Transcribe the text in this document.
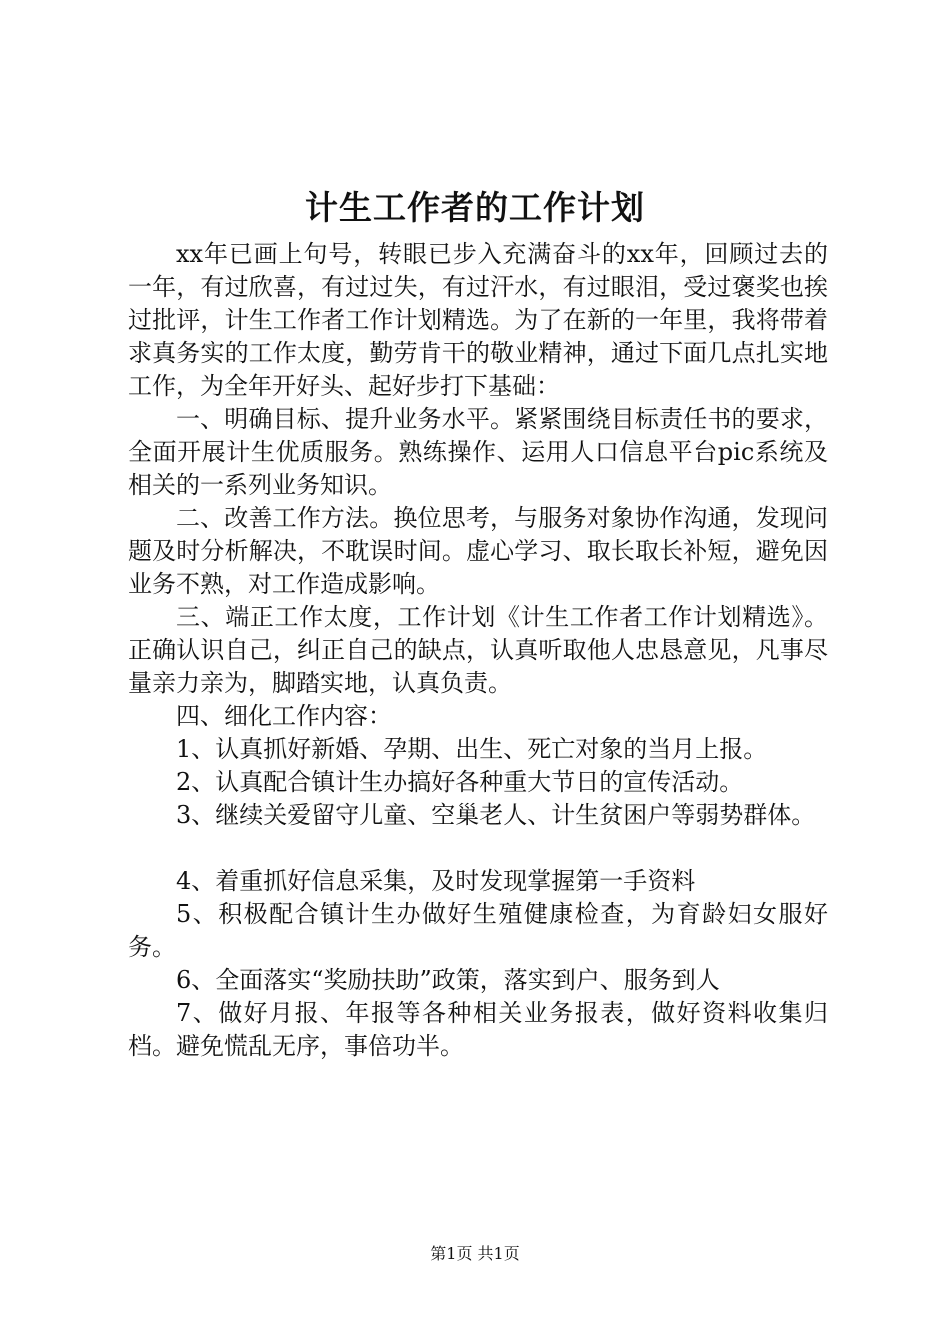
计生工作者的工作计划

xx年已画上句号，转眼已步入充满奋斗的xx年，回顾过去的一年，有过欣喜，有过过失，有过汗水，有过眼泪，受过褒奖也挨过批评，计生工作者工作计划精选。为了在新的一年里，我将带着求真务实的工作太度，勤劳肯干的敬业精神，通过下面几点扎实地工作，为全年开好头、起好步打下基础：

一、明确目标、提升业务水平。紧紧围绕目标责任书的要求，全面开展计生优质服务。熟练操作、运用人口信息平台pic系统及相关的一系列业务知识。

二、改善工作方法。换位思考，与服务对象协作沟通，发现问题及时分析解决，不耽误时间。虚心学习、取长取长补短，避免因业务不熟，对工作造成影响。

三、端正工作太度，工作计划《计生工作者工作计划精选》。正确认识自己，纠正自己的缺点，认真听取他人忠恳意见，凡事尽量亲力亲为，脚踏实地，认真负责。

四、细化工作内容：

1、认真抓好新婚、孕期、出生、死亡对象的当月上报。

2、认真配合镇计生办搞好各种重大节日的宣传活动。

3、继续关爱留守儿童、空巢老人、计生贫困户等弱势群体。

4、着重抓好信息采集，及时发现掌握第一手资料

5、积极配合镇计生办做好生殖健康检查，为育龄妇女服好务。

6、全面落实“奖励扶助”政策，落实到户、服务到人

7、做好月报、年报等各种相关业务报表，做好资料收集归档。避免慌乱无序，事倍功半。

第1页 共1页
